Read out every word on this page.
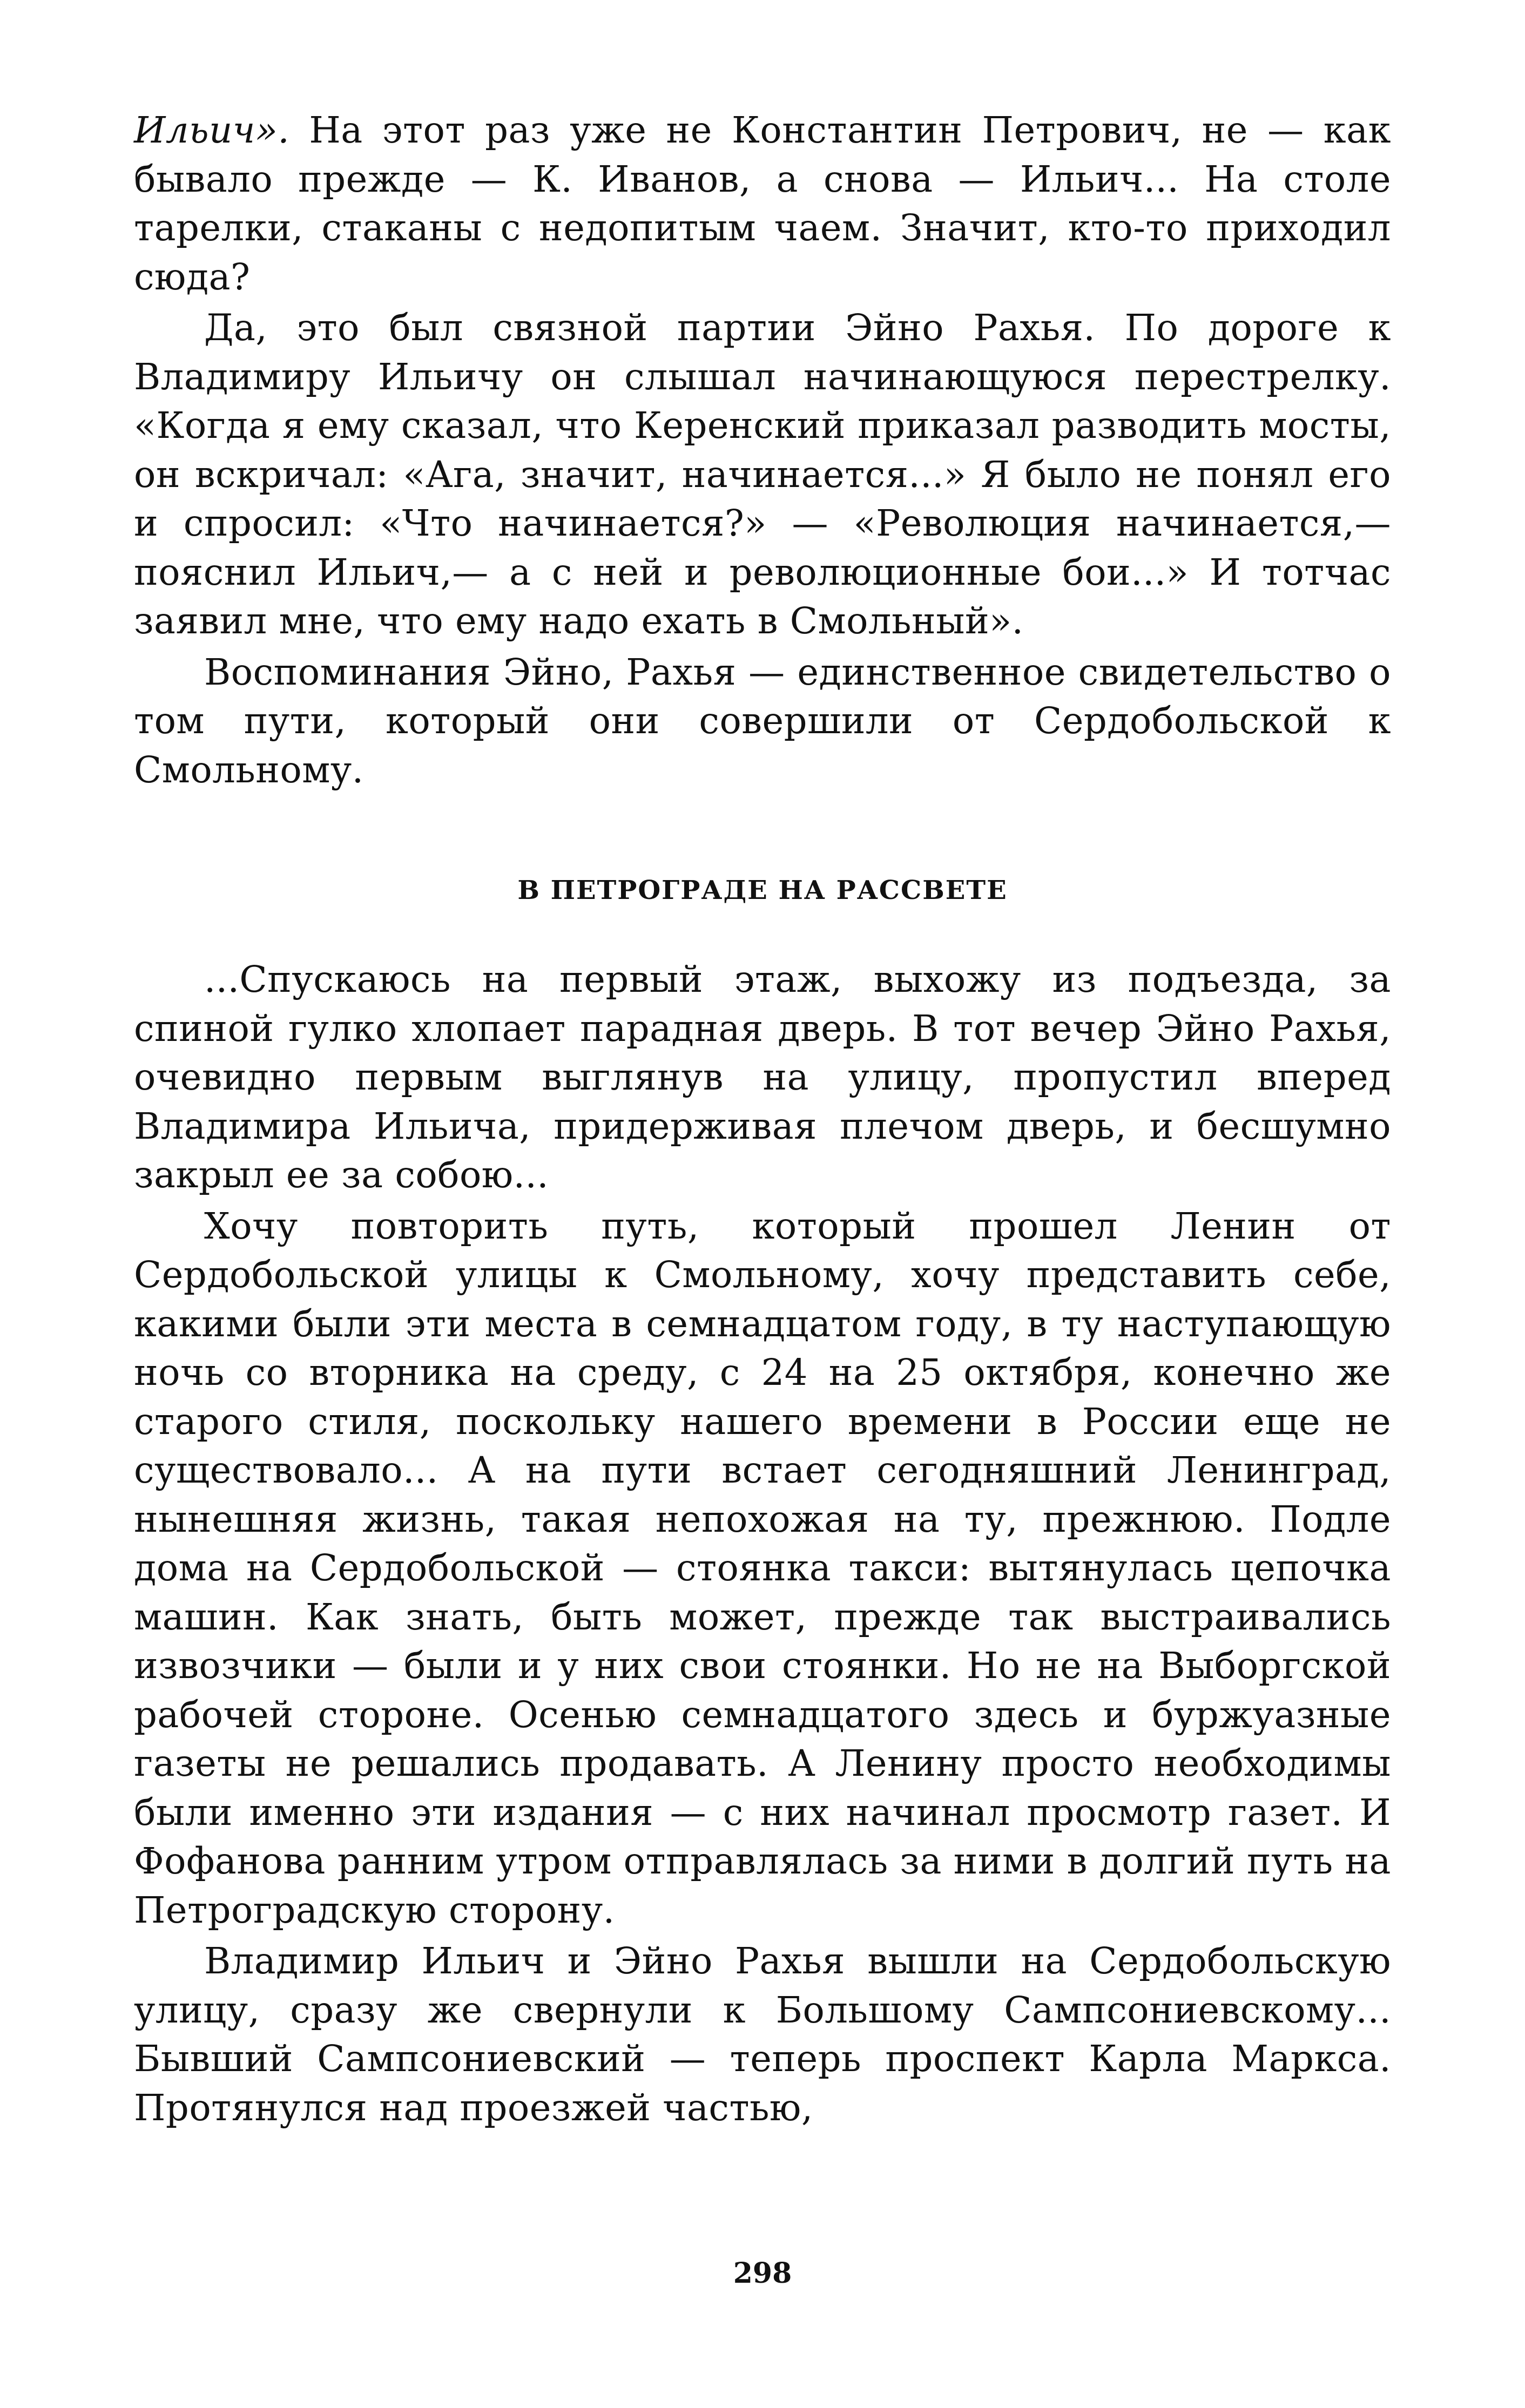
Ильич». На этот раз уже не Константин Петрович, не — как бывало прежде — К. Иванов, а снова — Ильич... На столе тарелки, стаканы с недопитым чаем. Значит, кто-то приходил сюда?

Да, это был связной партии Эйно Рахья. По дороге к Владимиру Ильичу он слышал начинающуюся перестрелку. «Когда я ему сказал, что Керенский приказал разводить мосты, он вскричал: «Ага, значит, начинается...» Я было не понял его и спросил: «Что начинается?» — «Революция начинается,— пояснил Ильич,— а с ней и революционные бои...» И тотчас заявил мне, что ему надо ехать в Смольный».

Воспоминания Эйно, Рахья — единственное свидетельство о том пути, который они совершили от Сердобольской к Смольному.

В ПЕТРОГРАДЕ НА РАССВЕТЕ

...Спускаюсь на первый этаж, выхожу из подъезда, за спиной гулко хлопает парадная дверь. В тот вечер Эйно Рахья, очевидно первым выглянув на улицу, пропустил вперед Владимира Ильича, придерживая плечом дверь, и бесшумно закрыл ее за собою...

Хочу повторить путь, который прошел Ленин от Сердобольской улицы к Смольному, хочу представить себе, какими были эти места в семнадцатом году, в ту наступающую ночь со вторника на среду, с 24 на 25 октября, конечно же старого стиля, поскольку нашего времени в России еще не существовало... А на пути встает сегодняшний Ленинград, нынешняя жизнь, такая непохожая на ту, прежнюю. Подле дома на Сердобольской — стоянка такси: вытянулась цепочка машин. Как знать, быть может, прежде так выстраивались извозчики — были и у них свои стоянки. Но не на Выборгской рабочей стороне. Осенью семнадцатого здесь и буржуазные газеты не решались продавать. А Ленину просто необходимы были именно эти издания — с них начинал просмотр газет. И Фофанова ранним утром отправлялась за ними в долгий путь на Петроградскую сторону.

Владимир Ильич и Эйно Рахья вышли на Сердобольскую улицу, сразу же свернули к Большому Сампсониевскому... Бывший Сампсониевский — теперь проспект Карла Маркса. Протянулся над проезжей частью,

298
